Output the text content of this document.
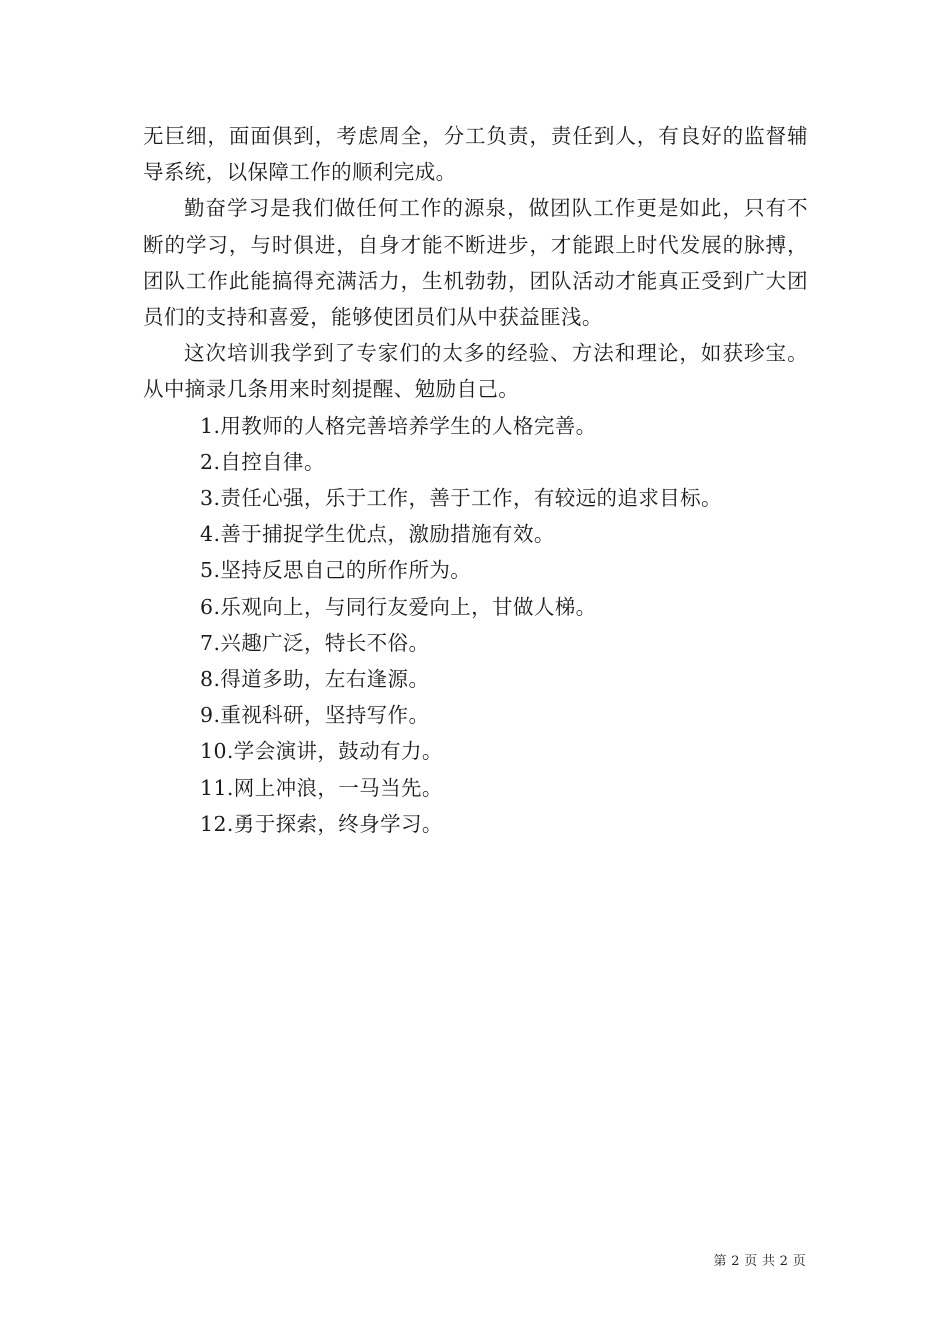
无巨细，面面俱到，考虑周全，分工负责，责任到人，有良好的监督辅导系统，以保障工作的顺利完成。

勤奋学习是我们做任何工作的源泉，做团队工作更是如此，只有不断的学习，与时俱进，自身才能不断进步，才能跟上时代发展的脉搏，团队工作此能搞得充满活力，生机勃勃，团队活动才能真正受到广大团员们的支持和喜爱，能够使团员们从中获益匪浅。

这次培训我学到了专家们的太多的经验、方法和理论，如获珍宝。从中摘录几条用来时刻提醒、勉励自己。

1.用教师的人格完善培养学生的人格完善。
2.自控自律。
3.责任心强，乐于工作，善于工作，有较远的追求目标。
4.善于捕捉学生优点，激励措施有效。
5.坚持反思自己的所作所为。
6.乐观向上，与同行友爱向上，甘做人梯。
7.兴趣广泛，特长不俗。
8.得道多助，左右逢源。
9.重视科研，坚持写作。
10.学会演讲，鼓动有力。
11.网上冲浪，一马当先。
12.勇于探索，终身学习。
第 2 页 共 2 页
